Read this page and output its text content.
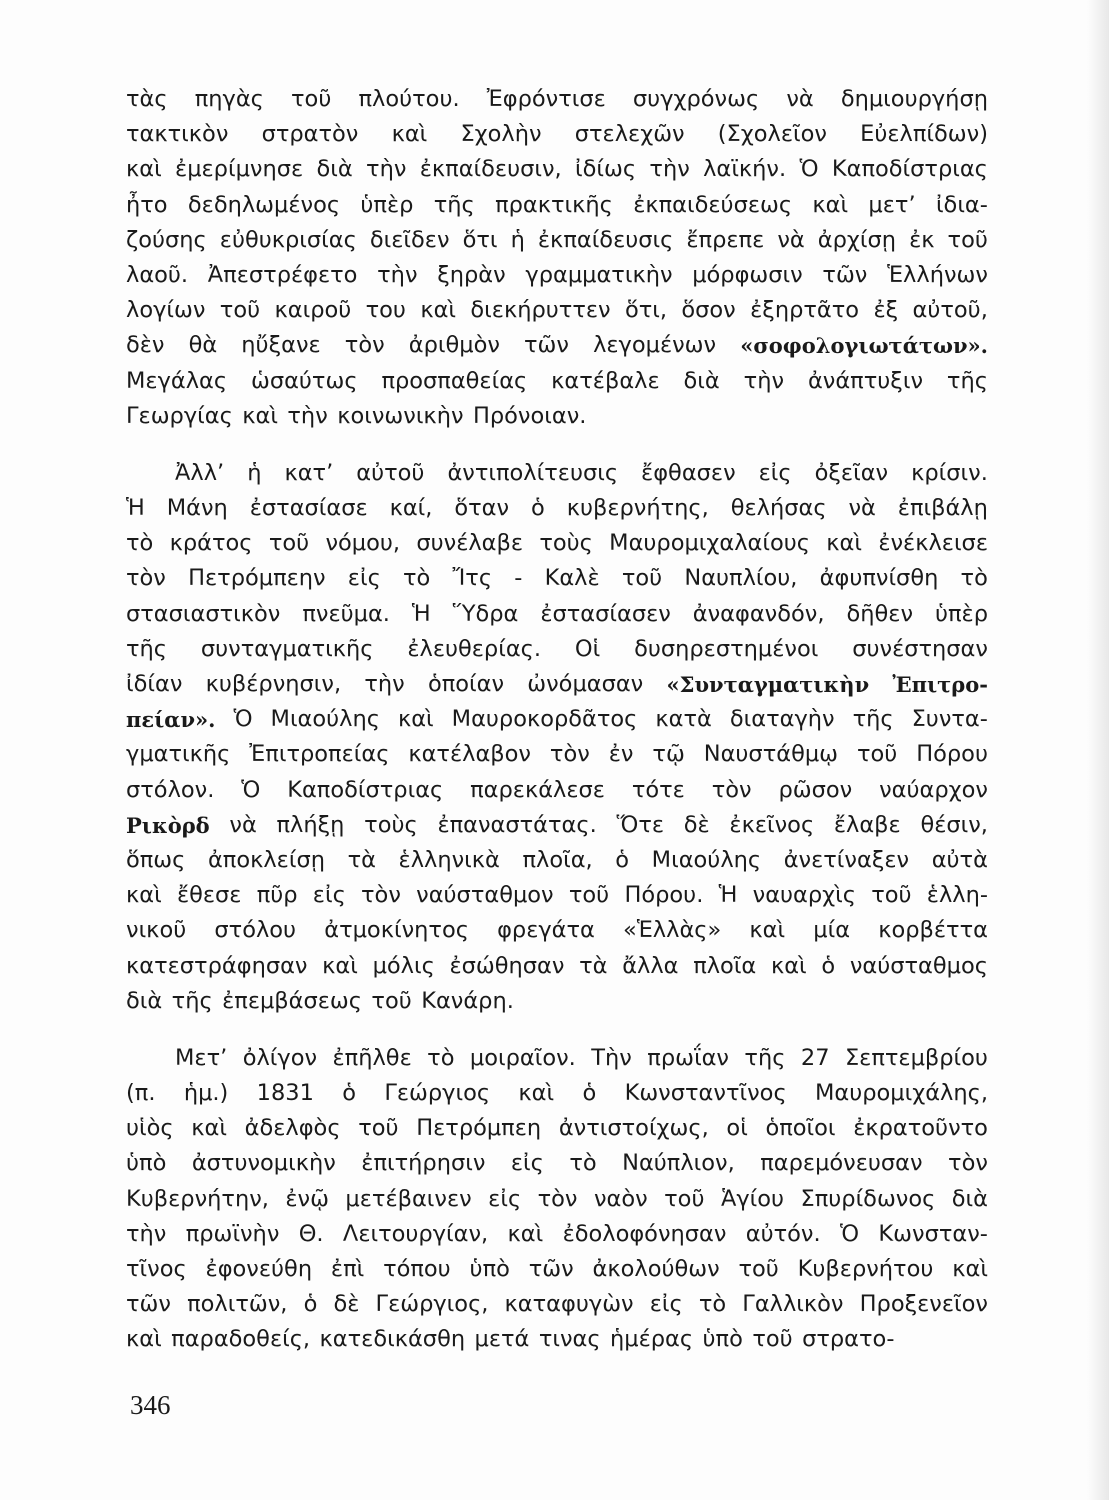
τὰς πηγὰς τοῦ πλούτου. Ἐφρόντισε συγχρόνως νὰ δημιουργήσῃ
τακτικὸν στρατὸν καὶ Σχολὴν στελεχῶν (Σχολεῖον Εὐελπίδων)
καὶ ἐμερίμνησε διὰ τὴν ἐκπαίδευσιν, ἰδίως τὴν λαϊκήν. Ὁ Καποδίστριας
ἦτο δεδηλωμένος ὑπὲρ τῆς πρακτικῆς ἐκπαιδεύσεως καὶ μετ’ ἰδια-
ζούσης εὐθυκρισίας διεῖδεν ὅτι ἡ ἐκπαίδευσις ἔπρεπε νὰ ἀρχίσῃ ἐκ τοῦ
λαοῦ. Ἀπεστρέφετο τὴν ξηρὰν γραμματικὴν μόρφωσιν τῶν Ἑλλήνων
λογίων τοῦ καιροῦ του καὶ διεκήρυττεν ὅτι, ὅσον ἐξηρτᾶτο ἐξ αὐτοῦ,
δὲν θὰ ηὔξανε τὸν ἀριθμὸν τῶν λεγομένων «σοφολογιωτάτων».
Μεγάλας ὡσαύτως προσπαθείας κατέβαλε διὰ τὴν ἀνάπτυξιν τῆς
Γεωργίας καὶ τὴν κοινωνικὴν Πρόνοιαν.
Ἀλλ’ ἡ κατ’ αὐτοῦ ἀντιπολίτευσις ἔφθασεν εἰς ὀξεῖαν κρίσιν.
Ἡ Μάνη ἐστασίασε καί, ὅταν ὁ κυβερνήτης, θελήσας νὰ ἐπιβάλῃ
τὸ κράτος τοῦ νόμου, συνέλαβε τοὺς Μαυρομιχαλαίους καὶ ἐνέκλεισε
τὸν Πετρόμπεην εἰς τὸ Ἴτς - Καλὲ τοῦ Ναυπλίου, ἀφυπνίσθη τὸ
στασιαστικὸν πνεῦμα. Ἡ Ὕδρα ἐστασίασεν ἀναφανδόν, δῆθεν ὑπὲρ
τῆς συνταγματικῆς ἐλευθερίας. Οἱ δυσηρεστημένοι συνέστησαν
ἰδίαν κυβέρνησιν, τὴν ὁποίαν ὠνόμασαν «Συνταγματικὴν Ἐπιτρο-
πείαν». Ὁ Μιαούλης καὶ Μαυροκορδᾶτος κατὰ διαταγὴν τῆς Συντα-
γματικῆς Ἐπιτροπείας κατέλαβον τὸν ἐν τῷ Ναυστάθμῳ τοῦ Πόρου
στόλον. Ὁ Καποδίστριας παρεκάλεσε τότε τὸν ρῶσον ναύαρχον
Ρικὸρδ νὰ πλήξῃ τοὺς ἐπαναστάτας. Ὅτε δὲ ἐκεῖνος ἔλαβε θέσιν,
ὅπως ἀποκλείσῃ τὰ ἑλληνικὰ πλοῖα, ὁ Μιαούλης ἀνετίναξεν αὐτὰ
καὶ ἔθεσε πῦρ εἰς τὸν ναύσταθμον τοῦ Πόρου. Ἡ ναυαρχὶς τοῦ ἑλλη-
νικοῦ στόλου ἀτμοκίνητος φρεγάτα «Ἑλλὰς» καὶ μία κορβέττα
κατεστράφησαν καὶ μόλις ἐσώθησαν τὰ ἄλλα πλοῖα καὶ ὁ ναύσταθμος
διὰ τῆς ἐπεμβάσεως τοῦ Κανάρη.
Μετ’ ὀλίγον ἐπῆλθε τὸ μοιραῖον. Τὴν πρωΐαν τῆς 27 Σεπτεμβρίου
(π. ἡμ.) 1831 ὁ Γεώργιος καὶ ὁ Κωνσταντῖνος Μαυρομιχάλης,
υἱὸς καὶ ἀδελφὸς τοῦ Πετρόμπεη ἀντιστοίχως, οἱ ὁποῖοι ἐκρατοῦντο
ὑπὸ ἀστυνομικὴν ἐπιτήρησιν εἰς τὸ Ναύπλιον, παρεμόνευσαν τὸν
Κυβερνήτην, ἐνῷ μετέβαινεν εἰς τὸν ναὸν τοῦ Ἁγίου Σπυρίδωνος διὰ
τὴν πρωϊνὴν Θ. Λειτουργίαν, καὶ ἐδολοφόνησαν αὐτόν. Ὁ Κωνσταν-
τῖνος ἐφονεύθη ἐπὶ τόπου ὑπὸ τῶν ἀκολούθων τοῦ Κυβερνήτου καὶ
τῶν πολιτῶν, ὁ δὲ Γεώργιος, καταφυγὼν εἰς τὸ Γαλλικὸν Προξενεῖον
καὶ παραδοθείς, κατεδικάσθη μετά τινας ἡμέρας ὑπὸ τοῦ στρατο-
346
